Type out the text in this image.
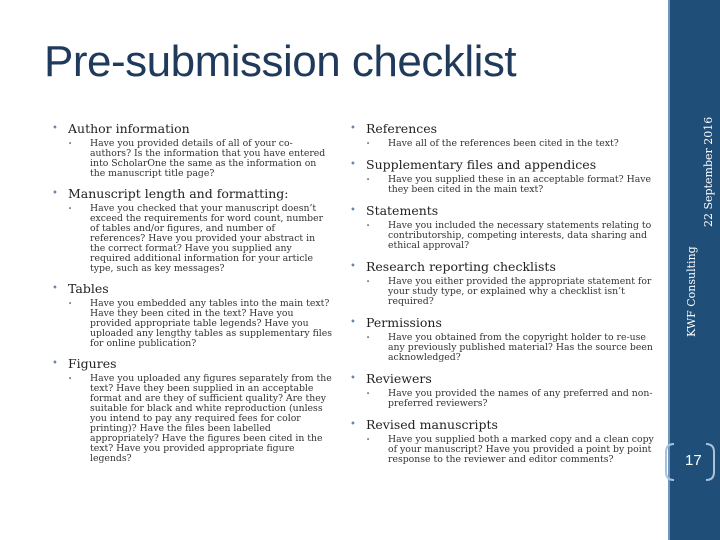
Pre-submission checklist
• Author information
•	Have you provided details of all of your co-authors? Is the information that you have entered into ScholarOne the same as the information on the manuscript title page?
• Manuscript length and formatting:
•	Have you checked that your manuscript doesn’t exceed the requirements for word count, number of tables and/or figures, and number of references? Have you provided your abstract in the correct format? Have you supplied any required additional information for your article type, such as key messages?
• Tables
•	Have you embedded any tables into the main text? Have they been cited in the text? Have you provided appropriate table legends? Have you uploaded any lengthy tables as supplementary files for online publication?
• Figures
•	Have you uploaded any figures separately from the text? Have they been supplied in an acceptable format and are they of sufficient quality? Are they suitable for black and white reproduction (unless you intend to pay any required fees for color printing)? Have the files been labelled appropriately? Have the figures been cited in the text? Have you provided appropriate figure legends?
• References
•	Have all of the references been cited in the text?
• Supplementary files and appendices
•	Have you supplied these in an acceptable format? Have they been cited in the main text?
• Statements
•	Have you included the necessary statements relating to contributorship, competing interests, data sharing and ethical approval?
• Research reporting checklists
•	Have you either provided the appropriate statement for your study type, or explained why a checklist isn’t required?
• Permissions
•	Have you obtained from the copyright holder to re-use any previously published material? Has the source been acknowledged?
• Reviewers
•	Have you provided the names of any preferred and non-preferred reviewers?
• Revised manuscripts
•	Have you supplied both a marked copy and a clean copy of your manuscript? Have you provided a point by point response to the reviewer and editor comments?
22 September 2016
KWF Consulting
17
